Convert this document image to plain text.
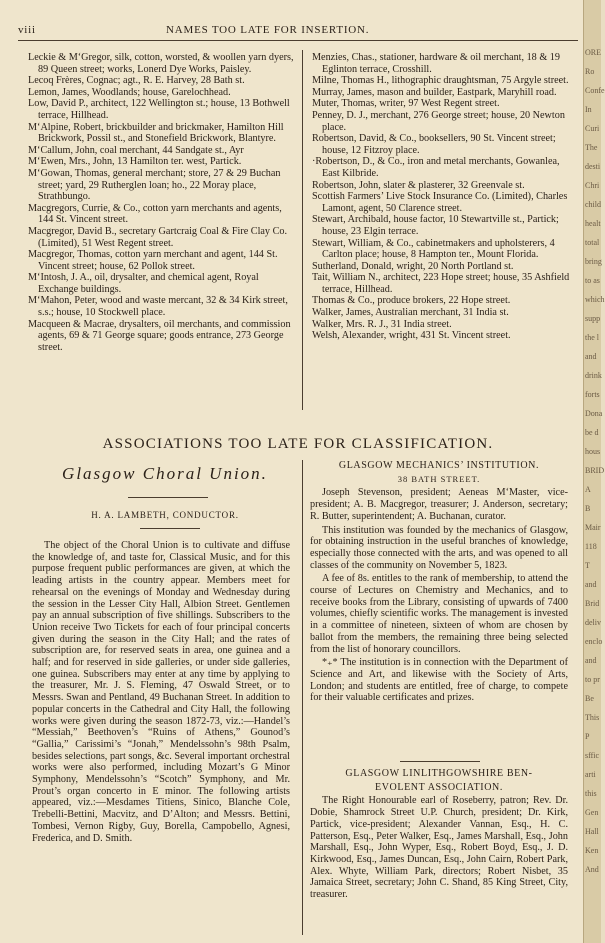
viii	NAMES TOO LATE FOR INSERTION.

Leckie & M‘Gregor, silk, cotton, worsted, & woollen yarn dyers, 89 Queen street; works, Lonerd Dye Works, Paisley.

Lecoq Frères, Cognac; agt., R. E. Harvey, 28 Bath st.

Lemon, James, Woodlands; house, Garelochhead.

Low, David P., architect, 122 Wellington st.; house, 13 Bothwell terrace, Hillhead.

M‘Alpine, Robert, brickbuilder and brickmaker, Hamilton Hill Brickwork, Possil st., and Stonefield Brickwork, Blantyre.

M‘Callum, John, coal merchant, 44 Sandgate st., Ayr

M‘Ewen, Mrs., John, 13 Hamilton ter. west, Partick.

M‘Gowan, Thomas, general merchant; store, 27 & 29 Buchan street; yard, 29 Rutherglen loan; ho., 22 Moray place, Strathbungo.

Macgregors, Currie, & Co., cotton yarn merchants and agents, 144 St. Vincent street.

Macgregor, David B., secretary Gartcraig Coal & Fire Clay Co. (Limited), 51 West Regent street.

Macgregor, Thomas, cotton yarn merchant and agent, 144 St. Vincent street; house, 62 Pollok street.

M‘Intosh, J. A., oil, drysalter, and chemical agent, Royal Exchange buildings.

M‘Mahon, Peter, wood and waste mercant, 32 & 34 Kirk street, s.s.; house, 10 Stockwell place.

Macqueen & Macrae, drysalters, oil merchants, and commission agents, 69 & 71 George square; goods entrance, 273 George street.

Menzies, Chas., stationer, hardware & oil merchant, 18 & 19 Eglinton terrace, Crosshill.

Milne, Thomas H., lithographic draughtsman, 75 Argyle street.

Murray, James, mason and builder, Eastpark, Maryhill road.

Muter, Thomas, writer, 97 West Regent street.

Penney, D. J., merchant, 276 George street; house, 20 Newton place.

Robertson, David, & Co., booksellers, 90 St. Vincent street; house, 12 Fitzroy place.

·Robertson, D., & Co., iron and metal merchants, Gowanlea, East Kilbride.

Robertson, John, slater & plasterer, 32 Greenvale st.

Scottish Farmers’ Live Stock Insurance Co. (Limited), Charles Lamont, agent, 50 Clarence street.

Stewart, Archibald, house factor, 10 Stewartville st., Partick; house, 23 Elgin terrace.

Stewart, William, & Co., cabinetmakers and upholsterers, 4 Carlton place; house, 8 Hampton ter., Mount Florida.

Sutherland, Donald, wright, 20 North Portland st.

Tait, William N., architect, 223 Hope street; house, 35 Ashfield terrace, Hillhead.

Thomas & Co., produce brokers, 22 Hope street.

Walker, James, Australian merchant, 31 India st.

Walker, Mrs. R. J., 31 India street.

Welsh, Alexander, wright, 431 St. Vincent street.

ASSOCIATIONS TOO LATE FOR CLASSIFICATION.
Glasgow Choral Union.
H. A. LAMBETH, CONDUCTOR.

The object of the Choral Union is to cultivate and diffuse the knowledge of, and taste for, Classical Music, and for this purpose frequent public performances are given, at which the leading artists in the country appear. Members meet for rehearsal on the evenings of Monday and Wednesday during the session in the Lesser City Hall, Albion Street. Gentlemen pay an annual subscription of five shillings. Subscribers to the Union receive Two Tickets for each of four principal concerts given during the season in the City Hall; and the rates of subscription are, for reserved seats in area, one guinea and a half; and for reserved in side galleries, or under side galleries, one guinea. Subscribers may enter at any time by applying to the treasurer, Mr. J. S. Fleming, 47 Oswald Street, or to Messrs. Swan and Pentland, 49 Buchanan Street. In addition to popular concerts in the Cathedral and City Hall, the following works were given during the season 1872-73, viz.:—Handel’s “Messiah,” Beethoven’s “Ruins of Athens,” Gounod’s “Gallia,” Carissimi’s “Jonah,” Mendelssohn’s 98th Psalm, besides selections, part songs, &c. Several important orchestral works were also performed, including Mozart’s G Minor Symphony, Mendelssohn’s “Scotch” Symphony, and Mr. Prout’s organ concerto in E minor. The following artists appeared, viz.:—Mesdames Titiens, Sinico, Blanche Cole, Trebelli-Bettini, Macvitz, and D’Alton; and Messrs. Bettini, Tombesi, Vernon Rigby, Guy, Borella, Campobello, Agnesi, Frederica, and D. Smith.

GLASGOW MECHANICS’ INSTITUTION.

38 BATH STREET.

Joseph Stevenson, president; Aeneas M‘Master, vice-president; A. B. Macgregor, treasurer; J. Anderson, secretary; R. Butter, superintendent; A. Buchanan, curator.

This institution was founded by the mechanics of Glasgow, for obtaining instruction in the useful branches of knowledge, especially those connected with the arts, and was opened to all classes of the community on November 5, 1823.

A fee of 8s. entitles to the rank of membership, to attend the course of Lectures on Chemistry and Mechanics, and to receive books from the Library, consisting of upwards of 7400 volumes, chiefly scientific works. The management is invested in a committee of nineteen, sixteen of whom are chosen by ballot from the members, the remaining three being selected from the list of honorary councillors.

*₊* The institution is in connection with the Department of Science and Art, and likewise with the Society of Arts, London; and students are entitled, free of charge, to compete for their valuable certificates and prizes.

GLASGOW LINLITHGOWSHIRE BEN-

EVOLENT ASSOCIATION.

The Right Honourable earl of Roseberry, patron; Rev. Dr. Dobie, Shamrock Street U.P. Church, president; Dr. Kirk, Partick, vice-president; Alexander Vannan, Esq., H. C. Patterson, Esq., Peter Walker, Esq., James Marshall, Esq., John Marshall, Esq., John Wyper, Esq., Robert Boyd, Esq., J. D. Kirkwood, Esq., James Duncan, Esq., John Cairn, Robert Park, Alex. Whyte, William Park, directors; Robert Nisbet, 35 Jamaica Street, secretary; John C. Shand, 85 King Street, City, treasurer.

ORE
Ro
Confe
In
Curi
The
desti
Chri
child
healt
total
bring
to as
which
supp
the l
and
drink
forts
Dona
be d
hous
BRID
A
B
Mair
118
T
and
Brid
deliv
enclo
and
to pr
Be
This
P
sffic
arti
this
Gen
Hall
Ken
And
